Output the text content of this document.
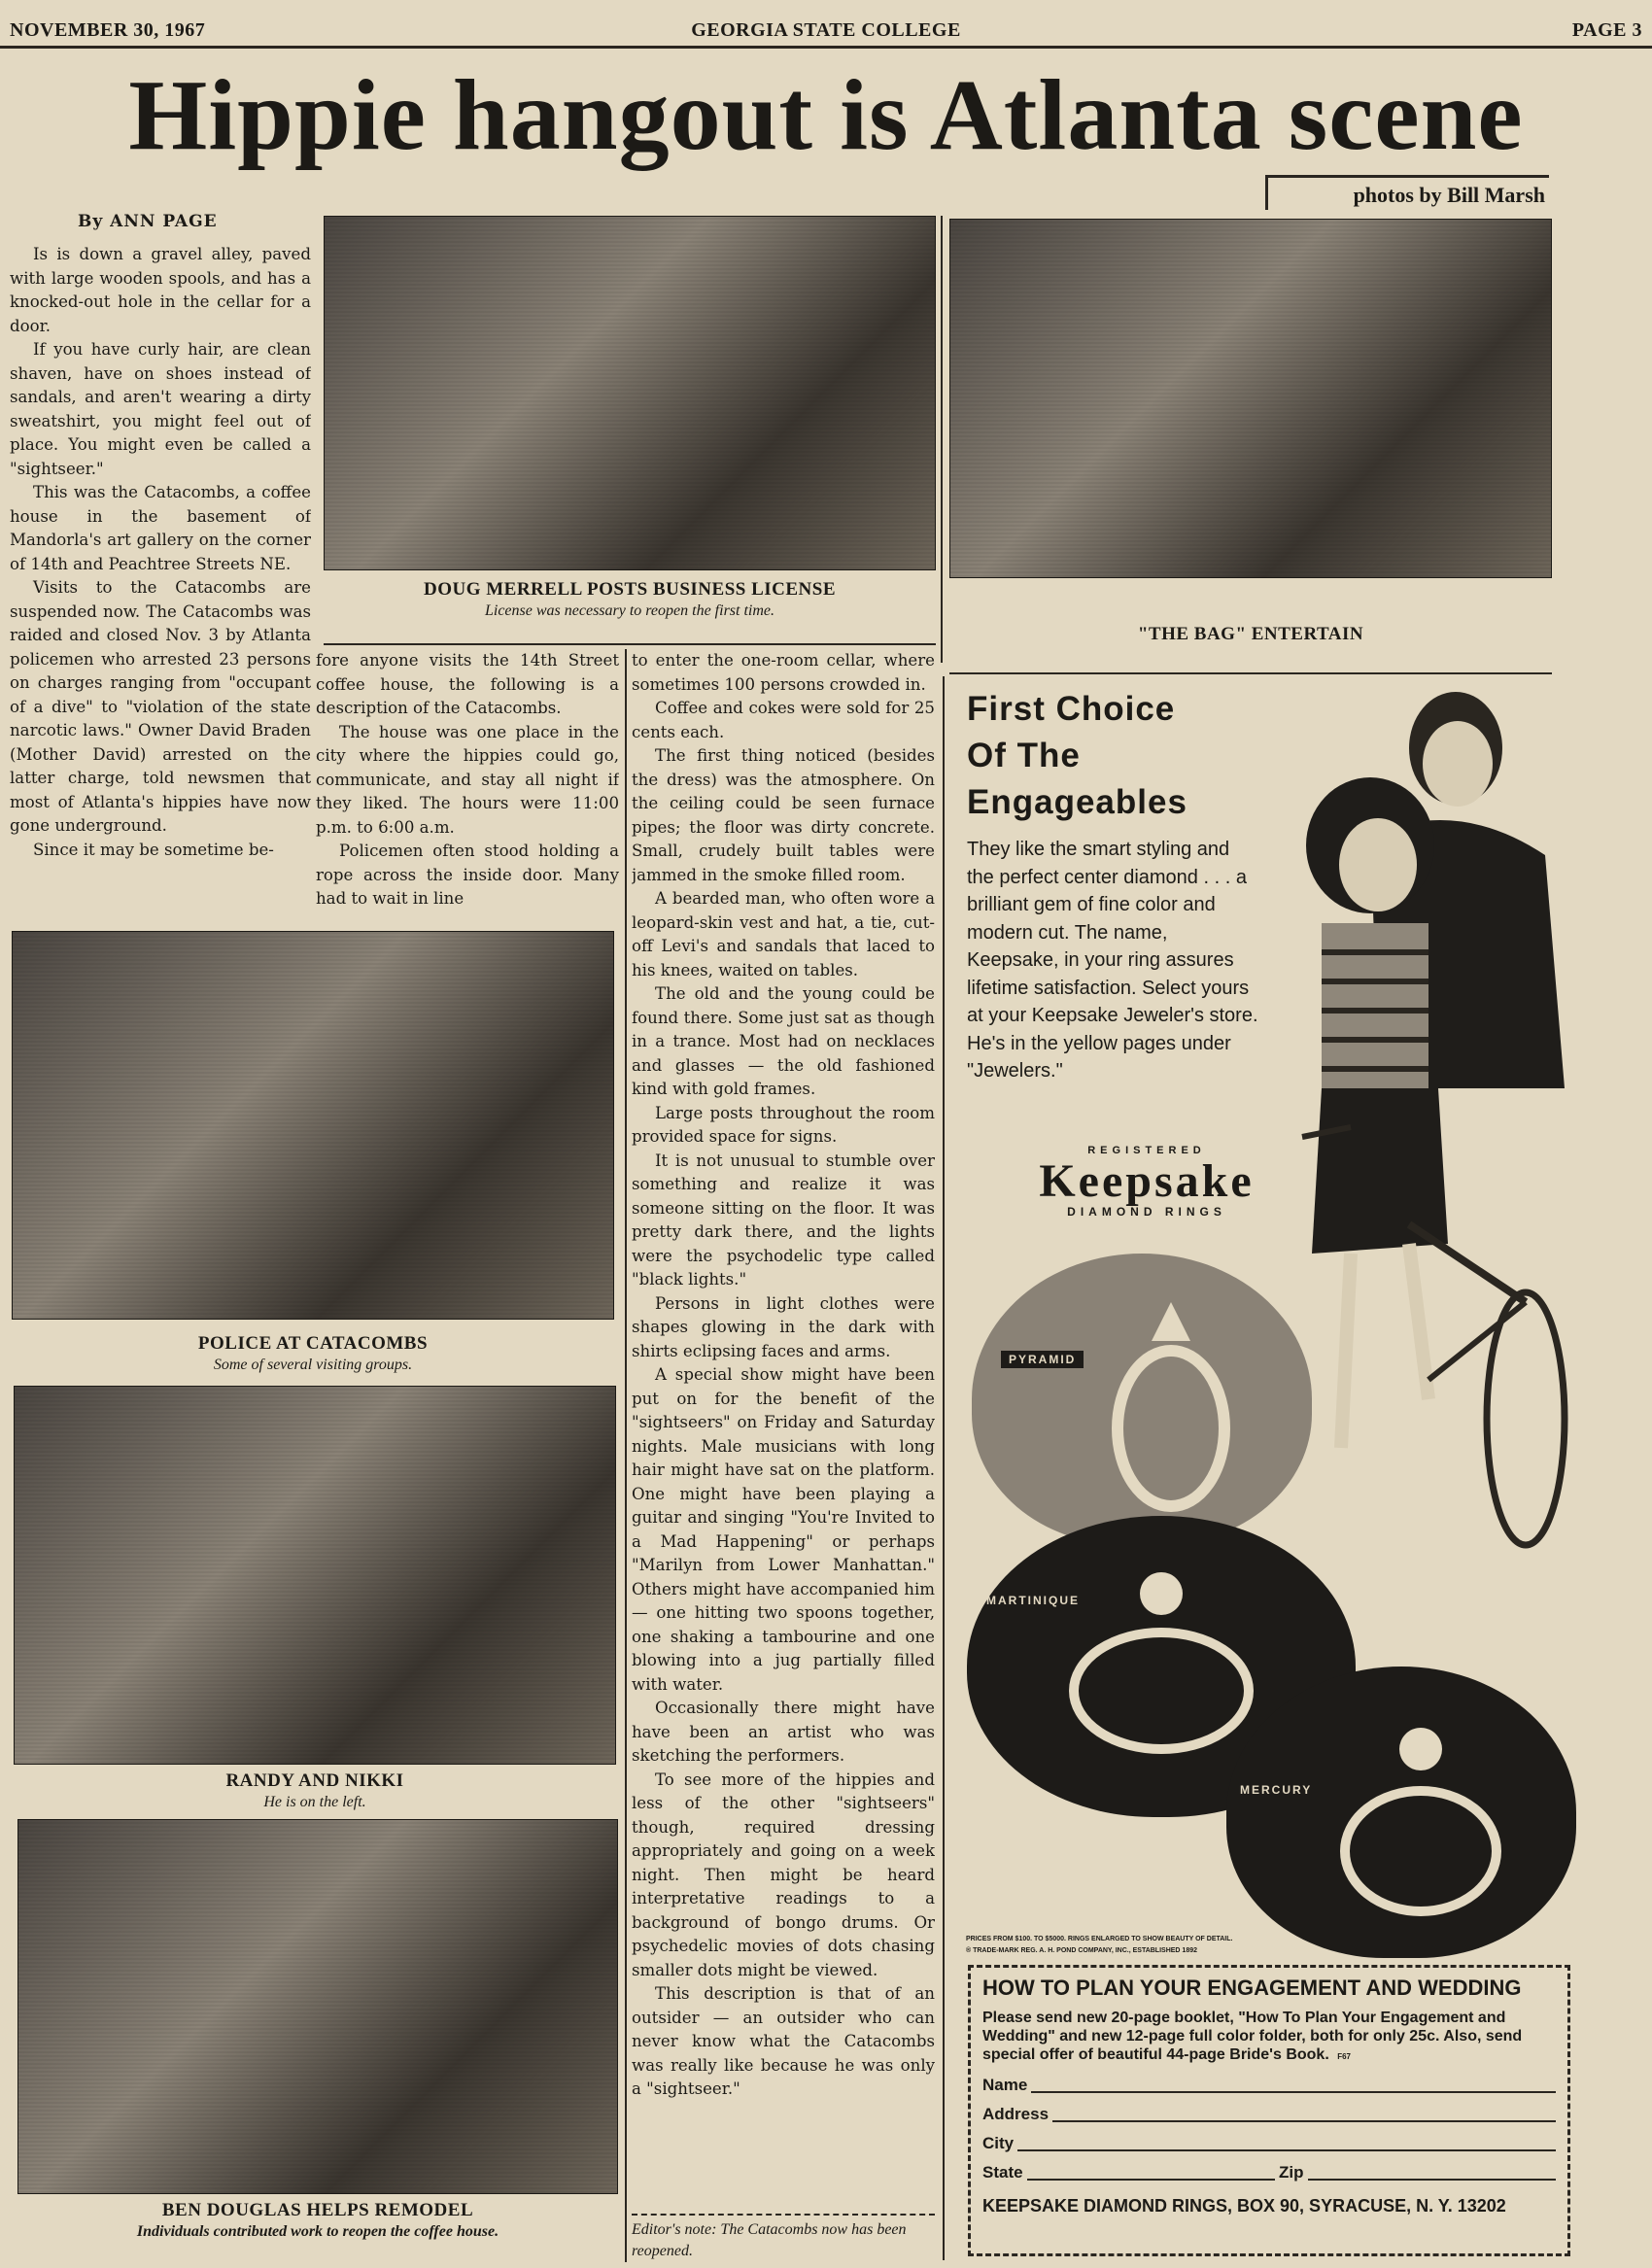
NOVEMBER 30, 1967	GEORGIA STATE COLLEGE	PAGE 3
Hippie hangout is Atlanta scene
photos by Bill Marsh
By ANN PAGE

Is is down a gravel alley, paved with large wooden spools, and has a knocked-out hole in the cellar for a door.

If you have curly hair, are clean shaven, have on shoes instead of sandals, and aren't wearing a dirty sweatshirt, you might feel out of place. You might even be called a "sightseer."

This was the Catacombs, a coffee house in the basement of Mandorla's art gallery on the corner of 14th and Peachtree Streets NE.

Visits to the Catacombs are suspended now. The Catacombs was raided and closed Nov. 3 by Atlanta policemen who arrested 23 persons on charges ranging from "occupant of a dive" to "violation of the state narcotic laws." Owner David Braden (Mother David) arrested on the latter charge, told newsmen that most of Atlanta's hippies have now gone underground.

Since it may be sometime be-

DOUG MERRELL POSTS BUSINESS LICENSE
License was necessary to reopen the first time.
"THE BAG" ENTERTAIN

fore anyone visits the 14th Street coffee house, the following is a description of the Catacombs.

The house was one place in the city where the hippies could go, communicate, and stay all night if they liked. The hours were 11:00 p.m. to 6:00 a.m.

Policemen often stood holding a rope across the inside door. Many had to wait in line

to enter the one-room cellar, where sometimes 100 persons crowded in.

Coffee and cokes were sold for 25 cents each.

The first thing noticed (besides the dress) was the atmosphere. On the ceiling could be seen furnace pipes; the floor was dirty concrete. Small, crudely built tables were jammed in the smoke filled room.

A bearded man, who often wore a leopard-skin vest and hat, a tie, cut-off Levi's and sandals that laced to his knees, waited on tables.

The old and the young could be found there. Some just sat as though in a trance. Most had on necklaces and glasses — the old fashioned kind with gold frames.

Large posts throughout the room provided space for signs.

It is not unusual to stumble over something and realize it was someone sitting on the floor. It was pretty dark there, and the lights were the psychodelic type called "black lights."

Persons in light clothes were shapes glowing in the dark with shirts eclipsing faces and arms.

A special show might have been put on for the benefit of the "sightseers" on Friday and Saturday nights. Male musicians with long hair might have sat on the platform. One might have been playing a guitar and singing "You're Invited to a Mad Happening" or perhaps "Marilyn from Lower Manhattan." Others might have accompanied him — one hitting two spoons together, one shaking a tambourine and one blowing into a jug partially filled with water.

Occasionally there might have have been an artist who was sketching the performers.

To see more of the hippies and less of the other "sightseers" though, required dressing appropriately and going on a week night. Then might be heard interpretative readings to a background of bongo drums. Or psychedelic movies of dots chasing smaller dots might be viewed.

This description is that of an outsider — an outsider who can never know what the Catacombs was really like because he was only a "sightseer."

Editor's note: The Catacombs now has been reopened.
POLICE AT CATACOMBS
Some of several visiting groups.
RANDY AND NIKKI
He is on the left.
BEN DOUGLAS HELPS REMODEL
Individuals contributed work to reopen the coffee house.
First Choice
Of The
Engageables
They like the smart styling and the perfect center diamond . . . a brilliant gem of fine color and modern cut. The name, Keepsake, in your ring assures lifetime satisfaction. Select yours at your Keepsake Jeweler's store. He's in the yellow pages under "Jewelers."
REGISTERED
Keepsake
DIAMOND RINGS
PYRAMID
MARTINIQUE
MERCURY
PRICES FROM $100. TO $5000. RINGS ENLARGED TO SHOW BEAUTY OF DETAIL.
® TRADE-MARK REG. A. H. POND COMPANY, INC., ESTABLISHED 1892
HOW TO PLAN YOUR ENGAGEMENT AND WEDDING
Please send new 20-page booklet, "How To Plan Your Engagement and Wedding" and new 12-page full color folder, both for only 25c. Also, send special offer of beautiful 44-page Bride's Book. F67
Name
Address
City
State	Zip
KEEPSAKE DIAMOND RINGS, BOX 90, SYRACUSE, N. Y. 13202
